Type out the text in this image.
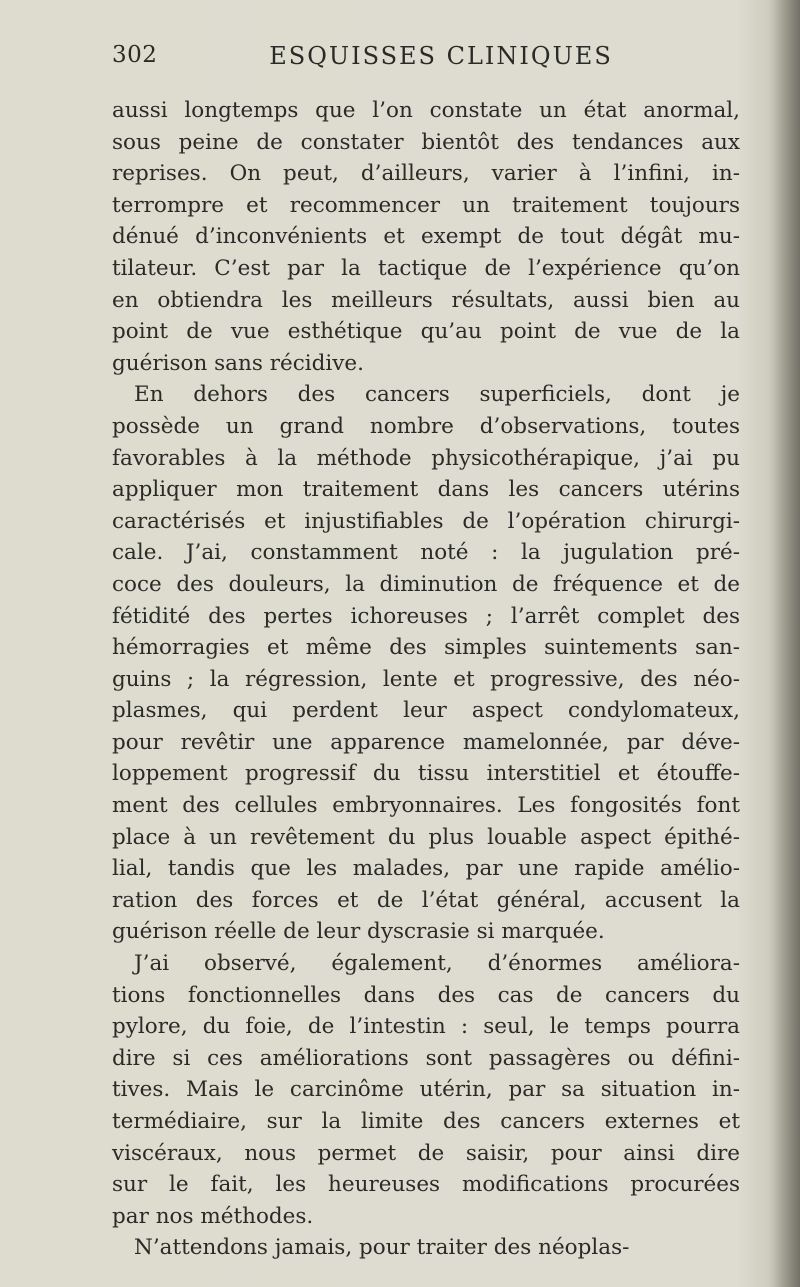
302	ESQUISSES CLINIQUES
aussi longtemps que l’on constate un état anormal,
sous peine de constater bientôt des tendances aux
reprises. On peut, d’ailleurs, varier à l’infini, in-
terrompre et recommencer un traitement toujours
dénué d’inconvénients et exempt de tout dégât mu-
tilateur. C’est par la tactique de l’expérience qu’on
en obtiendra les meilleurs résultats, aussi bien au
point de vue esthétique qu’au point de vue de la
guérison sans récidive.
En dehors des cancers superficiels, dont je
possède un grand nombre d’observations, toutes
favorables à la méthode physicothérapique, j’ai pu
appliquer mon traitement dans les cancers utérins
caractérisés et injustifiables de l’opération chirurgi-
cale. J’ai, constamment noté : la jugulation pré-
coce des douleurs, la diminution de fréquence et de
fétidité des pertes ichoreuses ; l’arrêt complet des
hémorragies et même des simples suintements san-
guins ; la régression, lente et progressive, des néo-
plasmes, qui perdent leur aspect condylomateux,
pour revêtir une apparence mamelonnée, par déve-
loppement progressif du tissu interstitiel et étouffe-
ment des cellules embryonnaires. Les fongosités font
place à un revêtement du plus louable aspect épithé-
lial, tandis que les malades, par une rapide amélio-
ration des forces et de l’état général, accusent la
guérison réelle de leur dyscrasie si marquée.
J’ai observé, également, d’énormes améliora-
tions fonctionnelles dans des cas de cancers du
pylore, du foie, de l’intestin : seul, le temps pourra
dire si ces améliorations sont passagères ou défini-
tives. Mais le carcinôme utérin, par sa situation in-
termédiaire, sur la limite des cancers externes et
viscéraux, nous permet de saisir, pour ainsi dire
sur le fait, les heureuses modifications procurées
par nos méthodes.
N’attendons jamais, pour traiter des néoplas-
